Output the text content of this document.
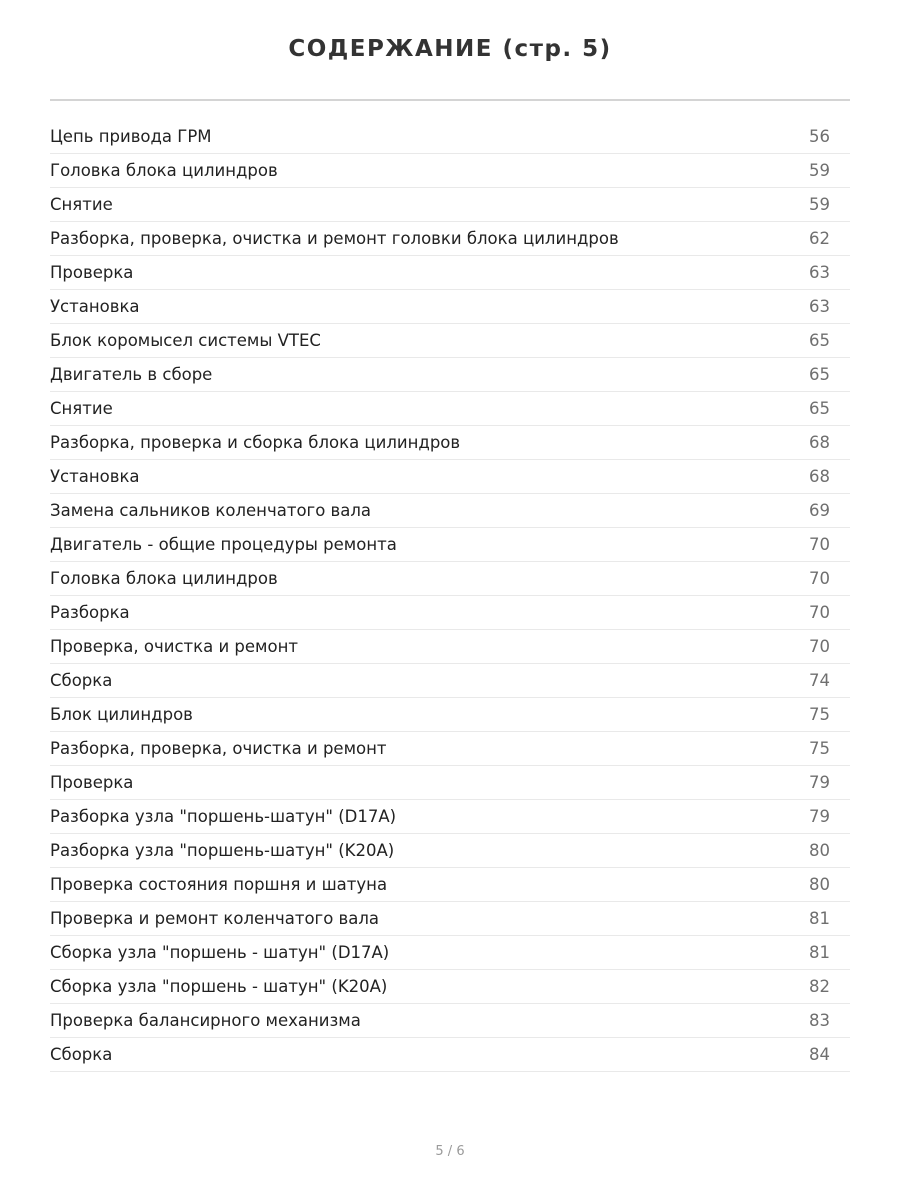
СОДЕРЖАНИЕ (стр. 5)
Цепь привода ГРМ	56
Головка блока цилиндров	59
Снятие	59
Разборка, проверка, очистка и ремонт головки блока цилиндров	62
Проверка	63
Установка	63
Блок коромысел системы VTEC	65
Двигатель в сборе	65
Снятие	65
Разборка, проверка и сборка блока цилиндров	68
Установка	68
Замена сальников коленчатого вала	69
Двигатель - общие процедуры ремонта	70
Головка блока цилиндров	70
Разборка	70
Проверка, очистка и ремонт	70
Сборка	74
Блок цилиндров	75
Разборка, проверка, очистка и ремонт	75
Проверка	79
Разборка узла "поршень-шатун" (D17A)	79
Разборка узла "поршень-шатун" (K20A)	80
Проверка состояния поршня и шатуна	80
Проверка и ремонт коленчатого вала	81
Сборка узла "поршень - шатун" (D17A)	81
Сборка узла "поршень - шатун" (K20A)	82
Проверка балансирного механизма	83
Сборка	84
5 / 6
